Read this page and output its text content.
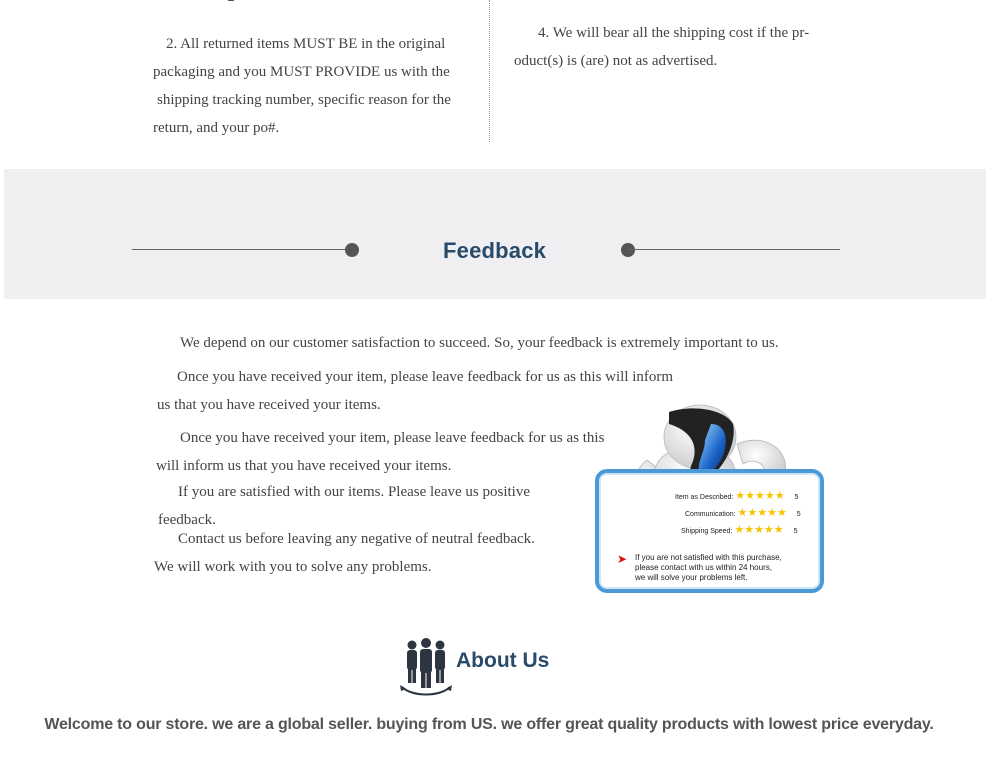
2. All returned items MUST BE in the original
packaging and you MUST PROVIDE us with the
shipping tracking number, specific reason for the
return, and your po#.
4. We will bear all the shipping cost if the pr-
oduct(s) is (are) not as advertised.
Feedback
We depend on our customer satisfaction to succeed. So, your feedback is extremely important to us.
Once you have received your item, please leave feedback for us as this will inform
us that you have received your items.
Once you have received your item, please leave feedback for us as this
will inform us that you have received your items.
If you are satisfied with our items. Please leave us positive
feedback.
Contact us before leaving any negative of neutral feedback.
We will work with you to solve any problems.
Item as Described: ★★★★★ 5
Communication: ★★★★★ 5
Shipping Speed: ★★★★★ 5
➤ If you are not satisfied with this purchase,
please contact with us within 24 hours,
we will solve your problems left.
About Us
Welcome to our store. we are a global seller. buying from US. we offer great quality products with lowest price everyday.
